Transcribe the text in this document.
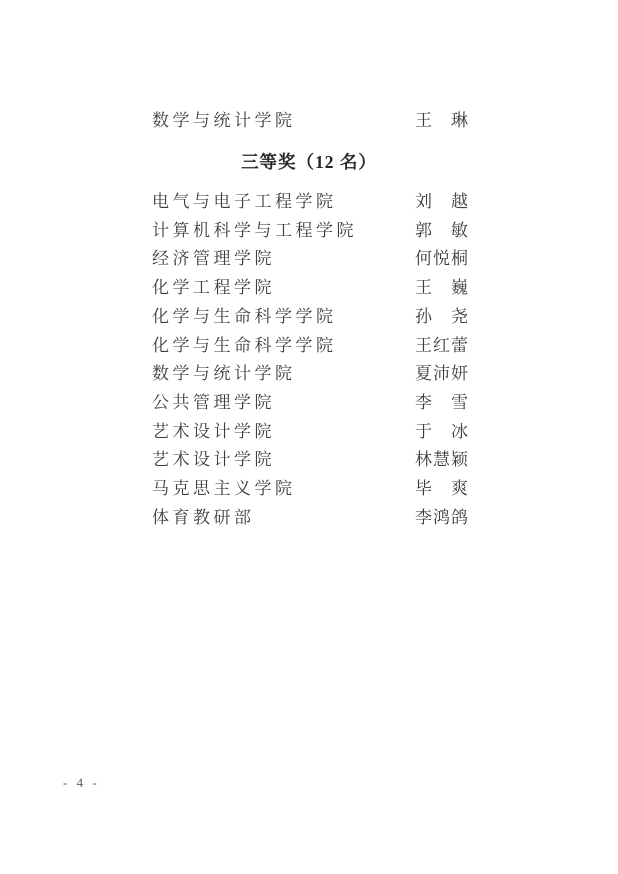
数学与统计学院	王　琳
三等奖（12 名）
电气与电子工程学院	刘　越
计算机科学与工程学院	郭　敏
经济管理学院	何悦桐
化学工程学院	王　巍
化学与生命科学学院	孙　尧
化学与生命科学学院	王红蕾
数学与统计学院	夏沛妍
公共管理学院	李　雪
艺术设计学院	于　冰
艺术设计学院	林慧颖
马克思主义学院	毕　爽
体育教研部	李鸿鸽
- 4 -
